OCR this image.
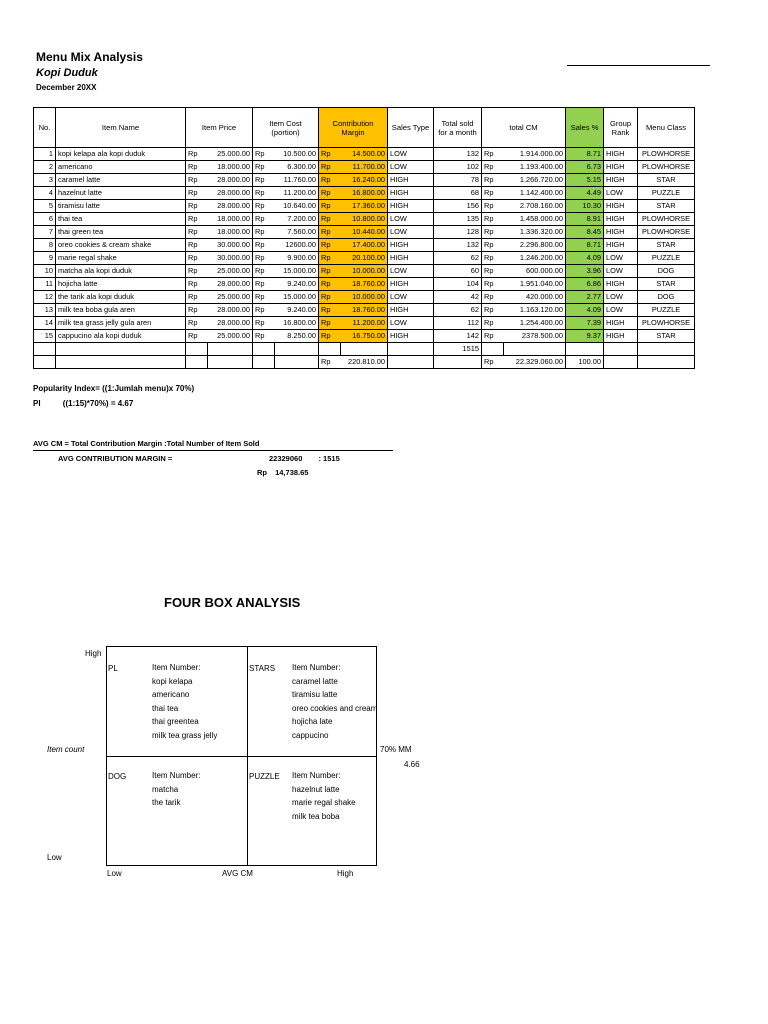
Menu Mix Analysis
Kopi Duduk
December 20XX
No.	Item Name	Item Price		Item Cost (portion)		Contribution Margin		Sales Type	Total sold for a month	total CM		Sales %	Group Rank	Menu Class
1	kopi kelapa ala kopi duduk	Rp	25.000.00	Rp	10.500.00	Rp	14.500.00	LOW	132	Rp	1.914.000.00	8.71	HIGH	PLOWHORSE
2	americano	Rp	18.000.00	Rp	6.300.00	Rp	11.700.00	LOW	102	Rp	1.193.400.00	6.73	HIGH	PLOWHORSE
3	caramel latte	Rp	28.000.00	Rp	11.760.00	Rp	16.240.00	HIGH	78	Rp	1.266.720.00	5.15	HIGH	STAR
4	hazelnut latte	Rp	28.000.00	Rp	11.200.00	Rp	16.800.00	HIGH	68	Rp	1.142.400.00	4.49	LOW	PUZZLE
5	tiramisu latte	Rp	28.000.00	Rp	10.640.00	Rp	17.360.00	HIGH	156	Rp	2.708.160.00	10.30	HIGH	STAR
6	thai tea	Rp	18.000.00	Rp	7.200.00	Rp	10.800.00	LOW	135	Rp	1.458.000.00	8.91	HIGH	PLOWHORSE
7	thai green tea	Rp	18.000.00	Rp	7.560.00	Rp	10.440.00	LOW	128	Rp	1.336.320.00	8.45	HIGH	PLOWHORSE
8	oreo cookies & cream shake	Rp	30.000.00	Rp	12600.00	Rp	17.400.00	HIGH	132	Rp	2.296.800.00	8.71	HIGH	STAR
9	marie regal shake	Rp	30.000.00	Rp	9.900.00	Rp	20.100.00	HIGH	62	Rp	1.246.200.00	4.09	LOW	PUZZLE
10	matcha ala kopi duduk	Rp	25.000.00	Rp	15.000.00	Rp	10.000.00	LOW	60	Rp	600.000.00	3.96	LOW	DOG
11	hojicha latte	Rp	28.000.00	Rp	9.240.00	Rp	18.760.00	HIGH	104	Rp	1.951.040.00	6.86	HIGH	STAR
12	the tarik ala kopi duduk	Rp	25.000.00	Rp	15.000.00	Rp	10.000.00	LOW	42	Rp	420.000.00	2.77	LOW	DOG
13	milk tea boba gula aren	Rp	28.000.00	Rp	9.240.00	Rp	18.760.00	HIGH	62	Rp	1.163.120.00	4.09	LOW	PUZZLE
14	milk tea grass jelly gula aren	Rp	28.000.00	Rp	16.800.00	Rp	11.200.00	LOW	112	Rp	1.254.400.00	7.39	HIGH	PLOWHORSE
15	cappucino ala kopi duduk	Rp	25.000.00	Rp	8.250.00	Rp	16.750.00	HIGH	142	Rp	2378.500.00	9.37	HIGH	STAR
									1515					
						Rp	220.810.00			Rp	22.329.060.00	100.00		
Popularity Index= ((1:Jumlah menu)x 70%)
PI	((1:15)*70%) = 4.67
AVG CM = Total Contribution Margin :Total Number of Item Sold
AVG CONTRIBUTION MARGIN =	22329060 : 1515
Rp 14,738.65
FOUR BOX ANALYSIS
High
Low
Item count
Low	AVG CM	High
70% MM
4.66
PL	Item Number:
kopi kelapa
americano
thai tea
thai greentea
milk tea grass jelly
STARS Item Number:
caramel latte
tiramisu latte
oreo cookies and cream
hojicha late
cappucino
DOG	Item Number:
matcha
the tarik
PUZZLE Item Number:
hazelnut latte
marie regal shake
milk tea boba
